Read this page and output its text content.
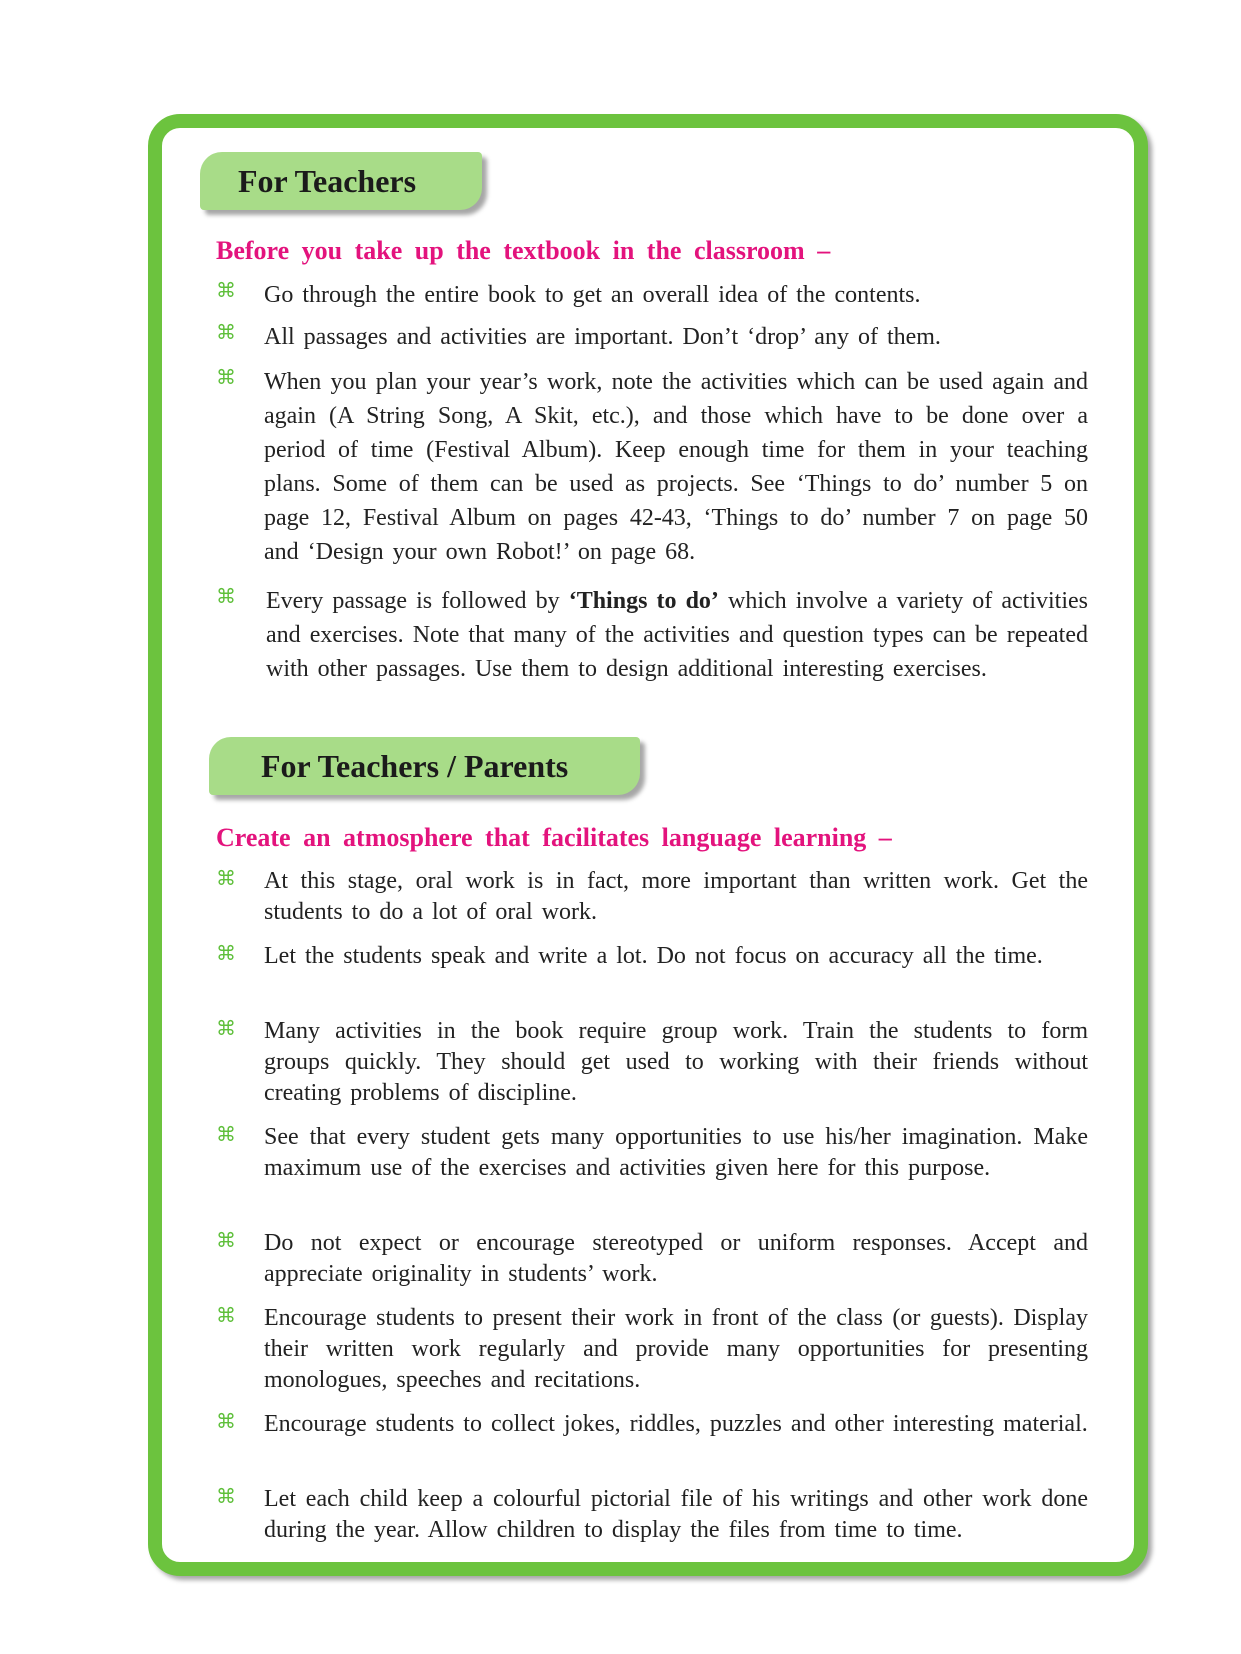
For Teachers
Before you take up the textbook in the classroom –
⌘ Go through the entire book to get an overall idea of the contents.
⌘ All passages and activities are important. Don’t ‘drop’ any of them.
⌘ When you plan your year’s work, note the activities which can be used again and again (A String Song, A Skit, etc.), and those which have to be done over a period of time (Festival Album). Keep enough time for them in your teaching plans. Some of them can be used as projects. See ‘Things to do’ number 5 on page 12, Festival Album on pages 42-43, ‘Things to do’ number 7 on page 50 and ‘Design your own Robot!’ on page 68.
⌘ Every passage is followed by ‘Things to do’ which involve a variety of activities and exercises. Note that many of the activities and question types can be repeated with other passages. Use them to design additional interesting exercises.
For Teachers / Parents
Create an atmosphere that facilitates language learning –
⌘ At this stage, oral work is in fact, more important than written work. Get the students to do a lot of oral work.
⌘ Let the students speak and write a lot. Do not focus on accuracy all the time.
⌘ Many activities in the book require group work. Train the students to form groups quickly. They should get used to working with their friends without creating problems of discipline.
⌘ See that every student gets many opportunities to use his/her imagination. Make maximum use of the exercises and activities given here for this purpose.
⌘ Do not expect or encourage stereotyped or uniform responses. Accept and appreciate originality in students’ work.
⌘ Encourage students to present their work in front of the class (or guests). Display their written work regularly and provide many opportunities for presenting monologues, speeches and recitations.
⌘ Encourage students to collect jokes, riddles, puzzles and other interesting material.
⌘ Let each child keep a colourful pictorial file of his writings and other work done during the year. Allow children to display the files from time to time.
